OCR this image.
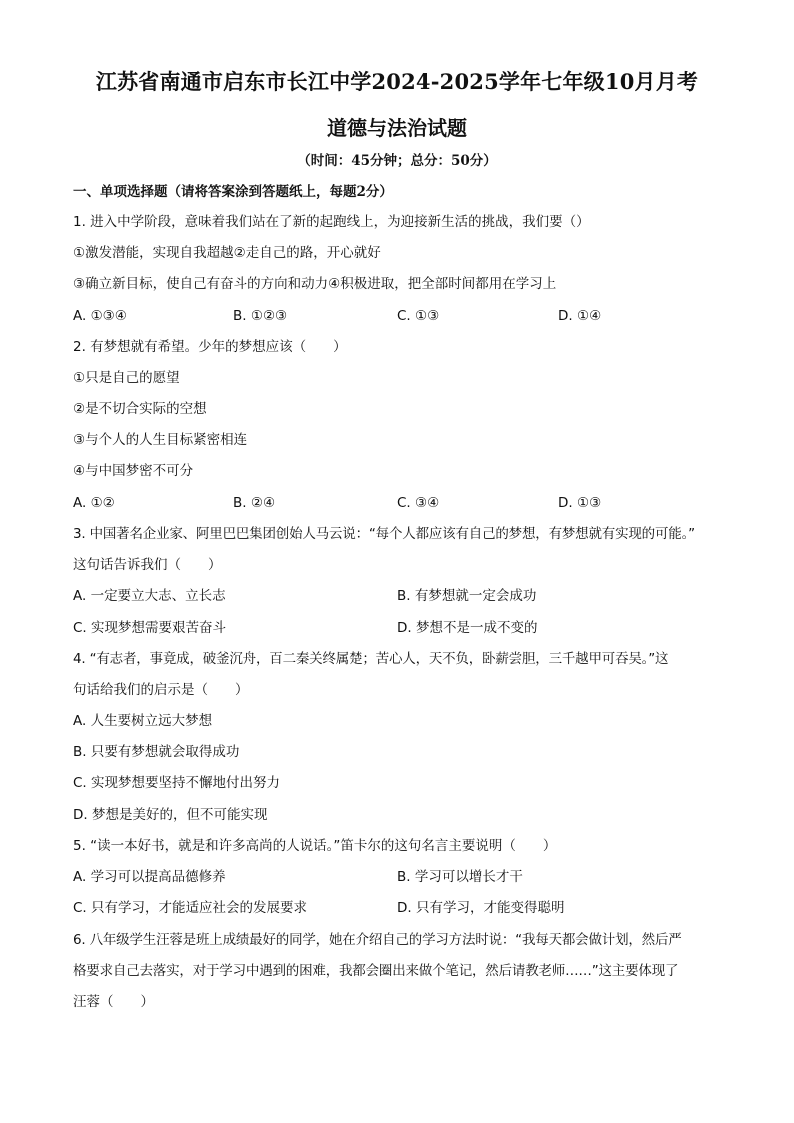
江苏省南通市启东市长江中学2024-2025学年七年级10月月考
道德与法治试题
（时间：45分钟；总分：50分）
一、单项选择题（请将答案涂到答题纸上，每题2分）
1. 进入中学阶段，意味着我们站在了新的起跑线上，为迎接新生活的挑战，我们要（）
①激发潜能，实现自我超越②走自己的路，开心就好
③确立新目标，使自己有奋斗的方向和动力④积极进取，把全部时间都用在学习上
A. ①③④	B. ①②③	C. ①③	D. ①④
2. 有梦想就有希望。少年的梦想应该（　　）
①只是自己的愿望
②是不切合实际的空想
③与个人的人生目标紧密相连
④与中国梦密不可分
A. ①②	B. ②④	C. ③④	D. ①③
3. 中国著名企业家、阿里巴巴集团创始人马云说：“每个人都应该有自己的梦想，有梦想就有实现的可能。”
这句话告诉我们（　　）
A. 一定要立大志、立长志	B. 有梦想就一定会成功
C. 实现梦想需要艰苦奋斗	D. 梦想不是一成不变的
4. “有志者，事竟成，破釜沉舟，百二秦关终属楚；苦心人，天不负，卧薪尝胆，三千越甲可吞吴。”这
句话给我们的启示是（　　）
A. 人生要树立远大梦想
B. 只要有梦想就会取得成功
C. 实现梦想要坚持不懈地付出努力
D. 梦想是美好的，但不可能实现
5. “读一本好书，就是和许多高尚的人说话。”笛卡尔的这句名言主要说明（　　）
A. 学习可以提高品德修养	B. 学习可以增长才干
C. 只有学习，才能适应社会的发展要求	D. 只有学习，才能变得聪明
6. 八年级学生汪蓉是班上成绩最好的同学，她在介绍自己的学习方法时说：“我每天都会做计划，然后严
格要求自己去落实，对于学习中遇到的困难，我都会圈出来做个笔记，然后请教老师……”这主要体现了
汪蓉（　　）
